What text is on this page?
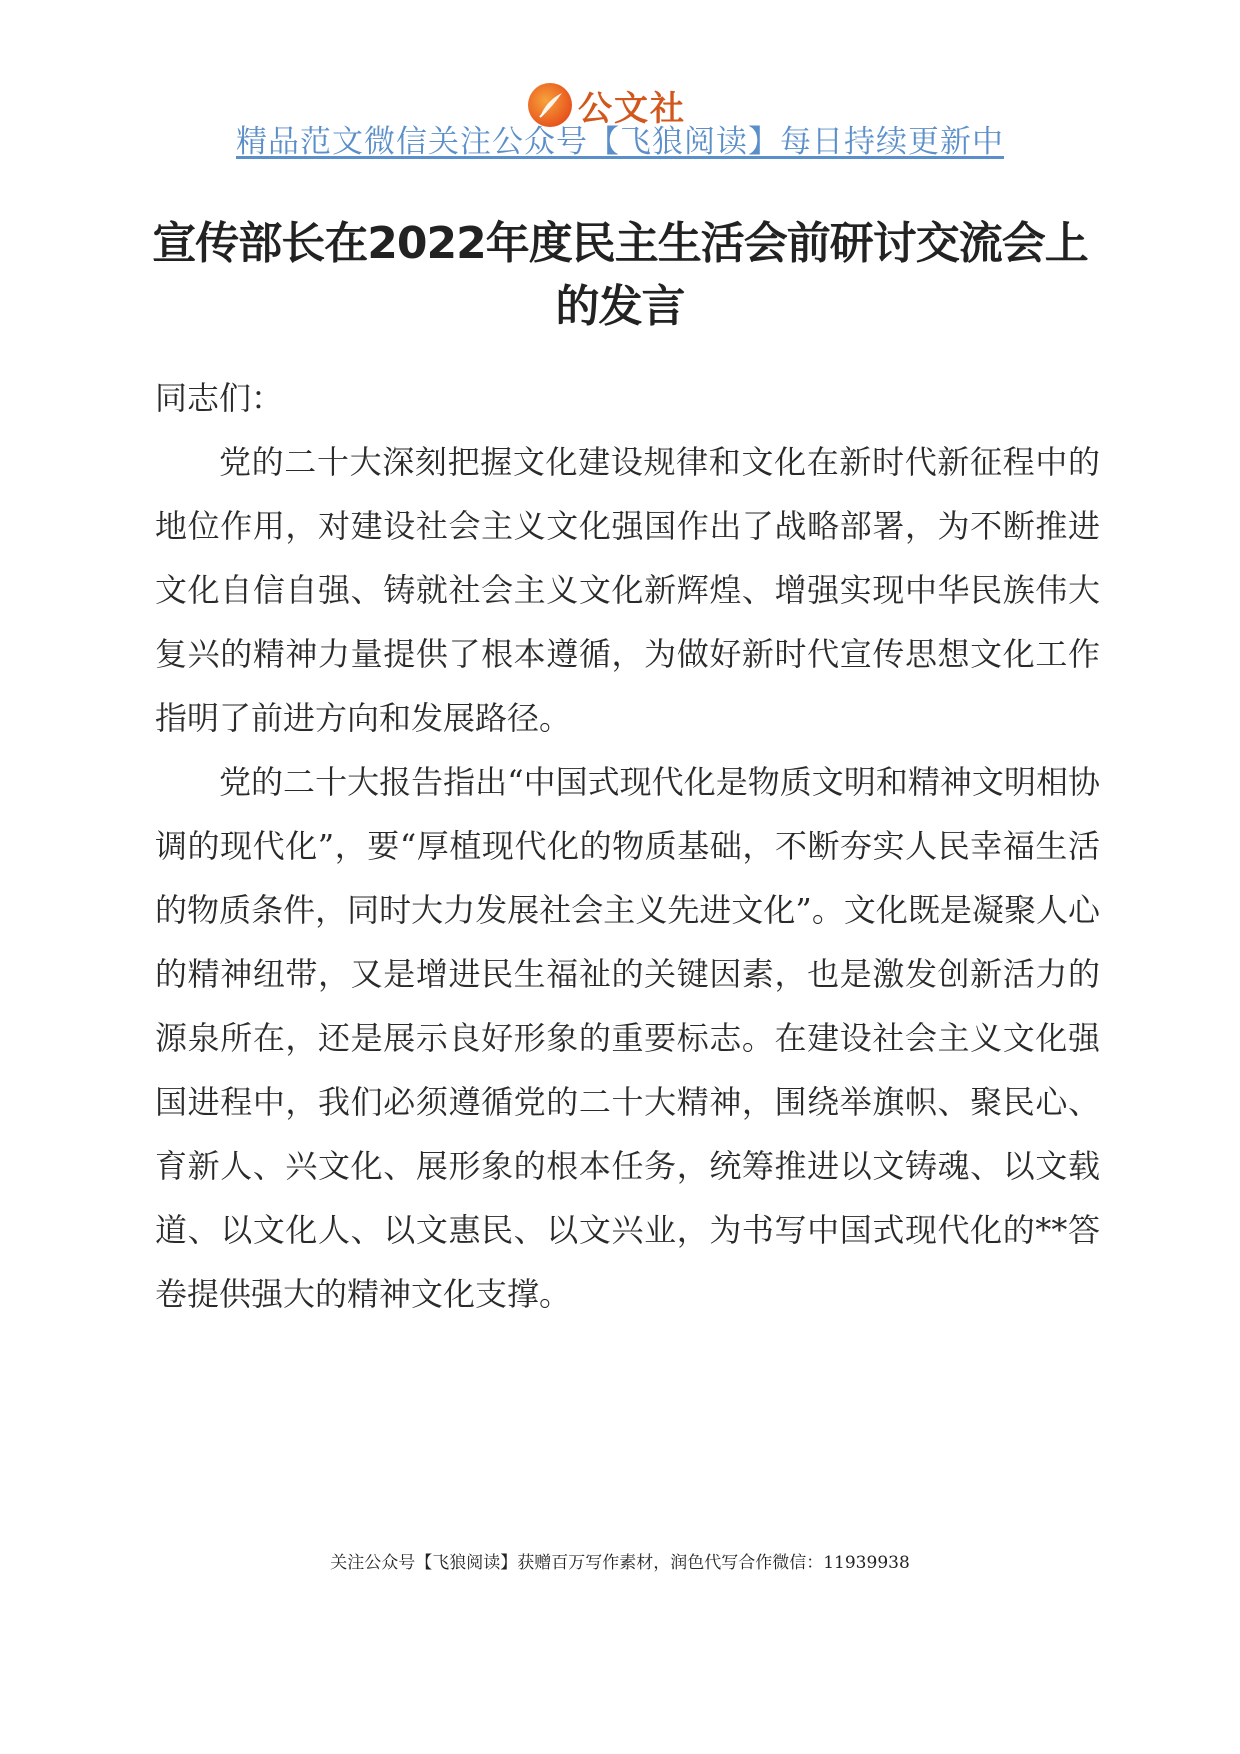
公文社
精品范文微信关注公众号【飞狼阅读】每日持续更新中
宣传部长在2022年度民主生活会前研讨交流会上的发言

同志们：

党的二十大深刻把握文化建设规律和文化在新时代新征程中的地位作用，对建设社会主义文化强国作出了战略部署，为不断推进文化自信自强、铸就社会主义文化新辉煌、增强实现中华民族伟大复兴的精神力量提供了根本遵循，为做好新时代宣传思想文化工作指明了前进方向和发展路径。

党的二十大报告指出“中国式现代化是物质文明和精神文明相协调的现代化”，要“厚植现代化的物质基础，不断夯实人民幸福生活的物质条件，同时大力发展社会主义先进文化”。文化既是凝聚人心的精神纽带，又是增进民生福祉的关键因素，也是激发创新活力的源泉所在，还是展示良好形象的重要标志。在建设社会主义文化强国进程中，我们必须遵循党的二十大精神，围绕举旗帜、聚民心、育新人、兴文化、展形象的根本任务，统筹推进以文铸魂、以文载道、以文化人、以文惠民、以文兴业，为书写中国式现代化的**答卷提供强大的精神文化支撑。

关注公众号【飞狼阅读】获赠百万写作素材，润色代写合作微信：11939938
